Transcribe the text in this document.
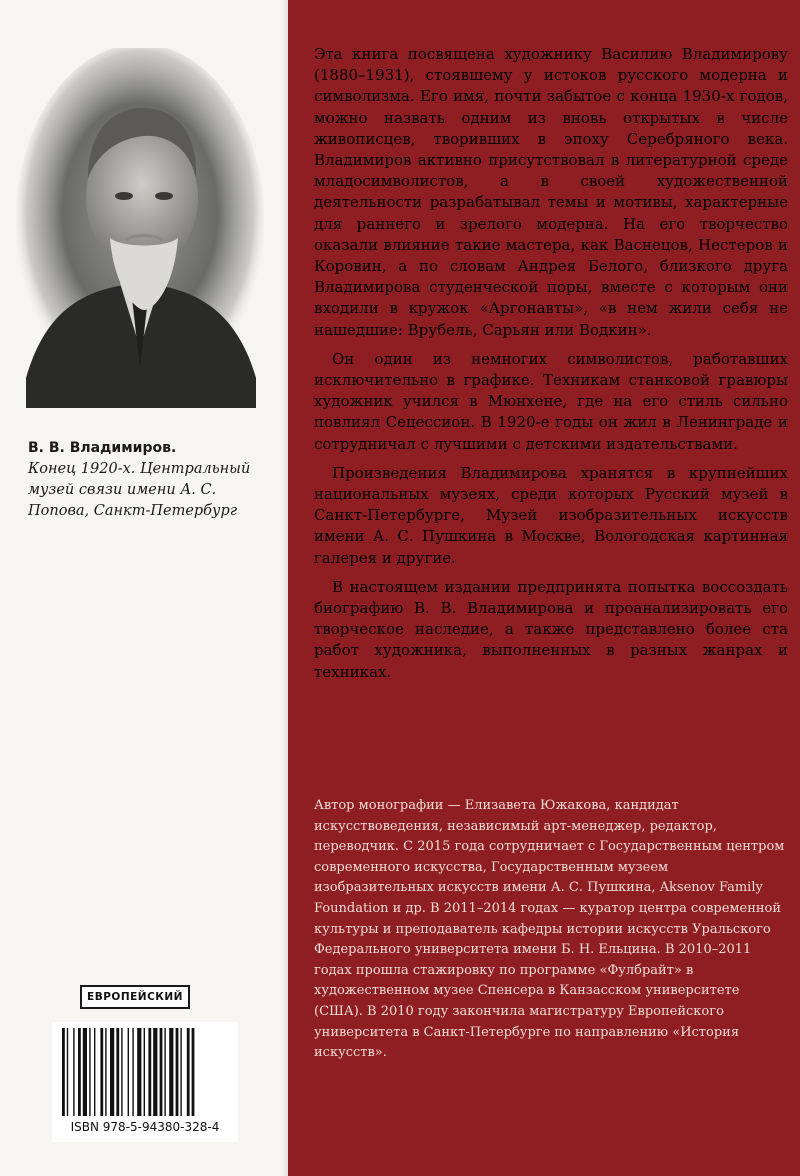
В. В. Владимиров.
Конец 1920-х. Центральный музей связи имени А. С. Попова, Санкт-Петербург
ЕВРОПЕЙСКИЙ
ISBN 978-5-94380-328-4

Эта книга посвящена художнику Василию Владимирову (1880–1931), стоявшему у истоков русского модерна и символизма. Его имя, почти забытое с конца 1930-х годов, можно назвать одним из вновь открытых в числе живописцев, творивших в эпоху Серебряного века. Владимиров активно присутствовал в литературной среде младосимволистов, а в своей художественной деятельности разрабатывал темы и мотивы, характерные для раннего и зрелого модерна. На его творчество оказали влияние такие мастера, как Васнецов, Нестеров и Коровин, а по словам Андрея Белого, близкого друга Владимирова студенческой поры, вместе с которым они входили в кружок «Аргонавты», «в нем жили себя не нашедшие: Врубель, Сарьян или Водкин».

Он один из немногих символистов, работавших исключительно в графике. Техникам станковой гравюры художник учился в Мюнхене, где на его стиль сильно повлиял Сецессион. В 1920-е годы он жил в Ленинграде и сотрудничал с лучшими с детскими издательствами.

Произведения Владимирова хранятся в крупнейших национальных музеях, среди которых Русский музей в Санкт-Петербурге, Музей изобразительных искусств имени А. С. Пушкина в Москве, Вологодская картинная галерея и другие.

В настоящем издании предпринята попытка воссоздать биографию В. В. Владимирова и проанализировать его творческое наследие, а также представлено более ста работ художника, выполненных в разных жанрах и техниках.

Автор монографии — Елизавета Южакова, кандидат искусствоведения, независимый арт-менеджер, редактор, переводчик. С 2015 года сотрудничает с Государственным центром современного искусства, Государственным музеем изобразительных искусств имени А. С. Пушкина, Aksenov Family Foundation и др. В 2011–2014 годах — куратор центра современной культуры и преподаватель кафедры истории искусств Уральского Федерального университета имени Б. Н. Ельцина. В 2010–2011 годах прошла стажировку по программе «Фулбрайт» в художественном музее Спенсера в Канзасском университете (США). В 2010 году закончила магистратуру Европейского университета в Санкт-Петербурге по направлению «История искусств».
